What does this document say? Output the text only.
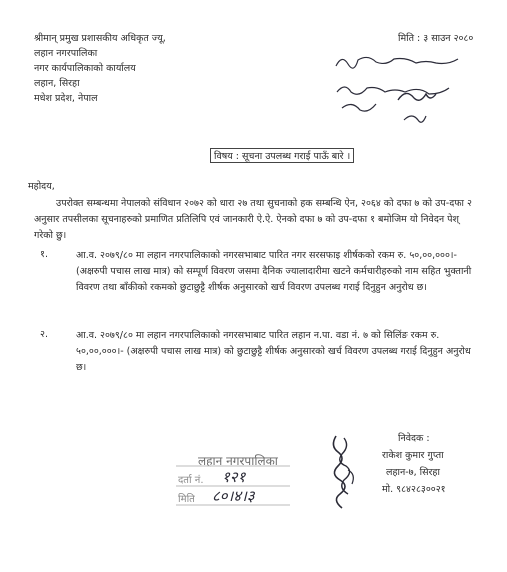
श्रीमान् प्रमुख प्रशासकीय अधिकृत ज्यू,
लहान नगरपालिका
नगर कार्यपालिकाको कार्यालय
लहान, सिरहा
मधेश प्रदेश, नेपाल
मिति : ३ साउन २०८०
विषय : सूचना उपलब्ध गराई पाऊँ बारे ।
महोदय,
उपरोक्त सम्बन्धमा नेपालको संविधान २०७२ को धारा २७ तथा सुचनाको हक सम्बन्धि ऐन, २०६४ को दफा ७ को उप-दफा २ अनुसार तपसीलका सूचनाहरुको प्रमाणित प्रतिलिपि एवं जानकारी ऐ.ऐ. ऐनको दफा ७ को उप-दफा १ बमोजिम यो निवेदन पेश् गरेको छु।
१.	आ.व. २०७९/८० मा लहान नगरपालिकाको नगरसभाबाट पारित नगर सरसफाइ शीर्षकको रकम रु. ५०,००,०००।- (अक्षरुपी पचास लाख मात्र) को सम्पूर्ण विवरण जसमा दैनिक ज्यालादारीमा खटने कर्मचारीहरुको नाम सहित भुक्तानी विवरण तथा बाँकीको रकमको छुटाछुट्टै शीर्षक अनुसारको खर्च विवरण उपलब्ध गराई दिनुहुन अनुरोध छ।
२.	आ.व. २०७९/८० मा लहान नगरपालिकाको नगरसभाबाट पारित लहान न.पा. वडा नं. ७ को सिलिंङ रकम रु. ५०,००,०००।- (अक्षरुपी पचास लाख मात्र) को छुटाछुट्टै शीर्षक अनुसारको खर्च विवरण उपलब्ध गराई दिनुहुन अनुरोध छ।
निवेदक :
राकेश कुमार गुप्ता
लहान-७, सिरहा
मो. ९८४२८३००२१
लहान नगरपालिका
दर्ता नं. १२१
मिति ८०।४।३
